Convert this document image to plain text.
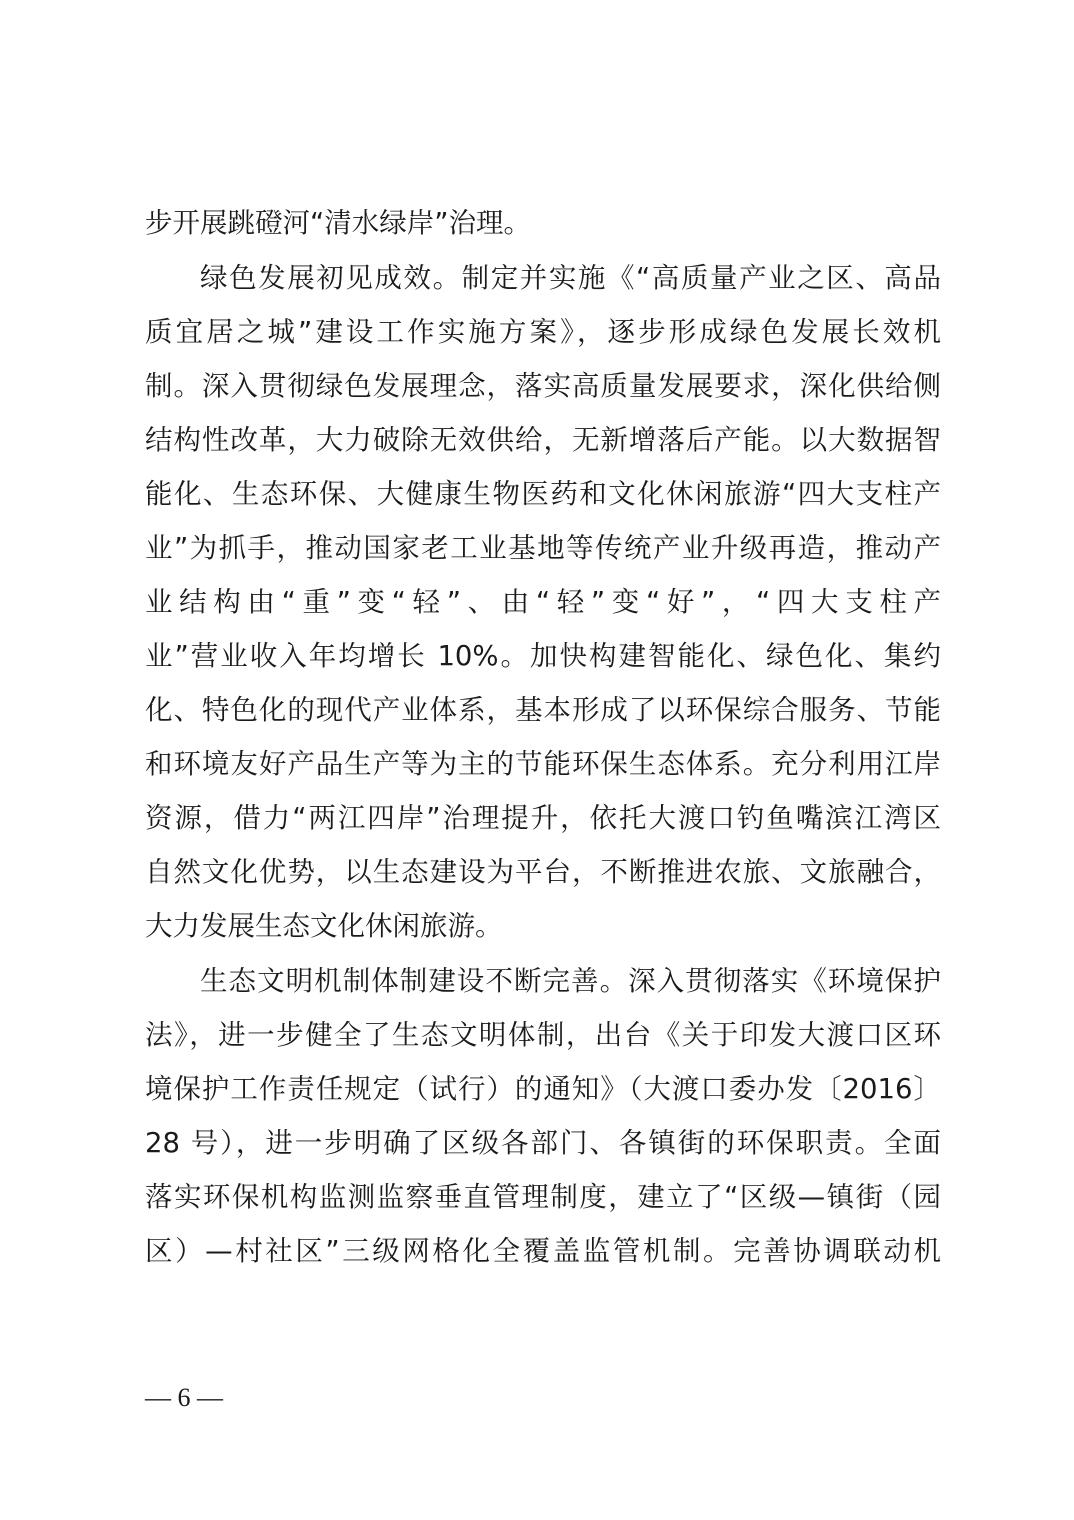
步开展跳磴河“清水绿岸”治理。
绿色发展初见成效。制定并实施《“高质量产业之区、高品
质宜居之城”建设工作实施方案》，逐步形成绿色发展长效机
制。深入贯彻绿色发展理念，落实高质量发展要求，深化供给侧
结构性改革，大力破除无效供给，无新增落后产能。以大数据智
能化、生态环保、大健康生物医药和文化休闲旅游“四大支柱产
业”为抓手，推动国家老工业基地等传统产业升级再造，推动产
业结构由“重”变“轻”、由“轻”变“好”，“四大支柱产
业”营业收入年均增长 10%。加快构建智能化、绿色化、集约
化、特色化的现代产业体系，基本形成了以环保综合服务、节能
和环境友好产品生产等为主的节能环保生态体系。充分利用江岸
资源，借力“两江四岸”治理提升，依托大渡口钓鱼嘴滨江湾区
自然文化优势，以生态建设为平台，不断推进农旅、文旅融合，
大力发展生态文化休闲旅游。
生态文明机制体制建设不断完善。深入贯彻落实《环境保护
法》，进一步健全了生态文明体制，出台《关于印发大渡口区环
境保护工作责任规定（试行）的通知》（大渡口委办发〔2016〕
28 号），进一步明确了区级各部门、各镇街的环保职责。全面
落实环保机构监测监察垂直管理制度，建立了“区级—镇街（园
区）—村社区”三级网格化全覆盖监管机制。完善协调联动机
— 6 —
